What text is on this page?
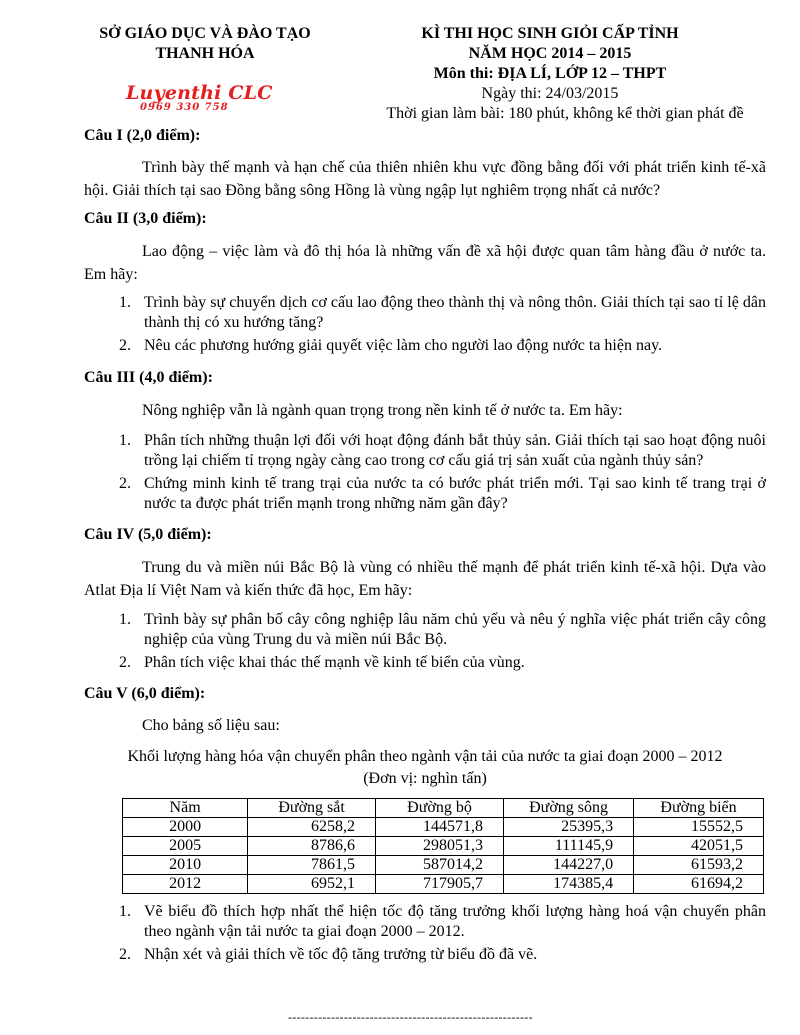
SỞ GIÁO DỤC VÀ ĐÀO TẠO
THANH HÓA
KÌ THI HỌC SINH GIỎI CẤP TỈNH
NĂM HỌC 2014 – 2015
Môn thi: ĐỊA LÍ, LỚP 12 – THPT
Ngày thi: 24/03/2015
Thời gian làm bài: 180 phút, không kể thời gian phát đề
Luyenthi CLC
0969 330 758
Câu I (2,0 điểm):
Trình bày thế mạnh và hạn chế của thiên nhiên khu vực đồng bằng đối với phát triển kinh tế-xã hội. Giải thích tại sao Đồng bằng sông Hồng là vùng ngập lụt nghiêm trọng nhất cả nước?
Câu II (3,0 điểm):
Lao động – việc làm và đô thị hóa là những vấn đề xã hội được quan tâm hàng đầu ở nước ta. Em hãy:
1. Trình bày sự chuyển dịch cơ cấu lao động theo thành thị và nông thôn. Giải thích tại sao tỉ lệ dân thành thị có xu hướng tăng?
2. Nêu các phương hướng giải quyết việc làm cho người lao động nước ta hiện nay.
Câu III (4,0 điểm):
Nông nghiệp vẫn là ngành quan trọng trong nền kinh tế ở nước ta. Em hãy:
1. Phân tích những thuận lợi đối với hoạt động đánh bắt thủy sản. Giải thích tại sao hoạt động nuôi trồng lại chiếm tỉ trọng ngày càng cao trong cơ cấu giá trị sản xuất của ngành thủy sản?
2. Chứng minh kinh tế trang trại của nước ta có bước phát triển mới. Tại sao kinh tế trang trại ở nước ta được phát triển mạnh trong những năm gần đây?
Câu IV (5,0 điểm):
Trung du và miền núi Bắc Bộ là vùng có nhiều thế mạnh để phát triển kinh tế-xã hội. Dựa vào Atlat Địa lí Việt Nam và kiến thức đã học, Em hãy:
1. Trình bày sự phân bố cây công nghiệp lâu năm chủ yếu và nêu ý nghĩa việc phát triển cây công nghiệp của vùng Trung du và miền núi Bắc Bộ.
2. Phân tích việc khai thác thế mạnh về kinh tế biển của vùng.
Câu V (6,0 điểm):
Cho bảng số liệu sau:
Khối lượng hàng hóa vận chuyển phân theo ngành vận tải của nước ta giai đoạn 2000 – 2012
(Đơn vị: nghìn tấn)
Năm	Đường sắt	Đường bộ	Đường sông	Đường biển
2000	6258,2	144571,8	25395,3	15552,5
2005	8786,6	298051,3	111145,9	42051,5
2010	7861,5	587014,2	144227,0	61593,2
2012	6952,1	717905,7	174385,4	61694,2
1. Vẽ biểu đồ thích hợp nhất thể hiện tốc độ tăng trưởng khối lượng hàng hoá vận chuyển phân theo ngành vận tải nước ta giai đoạn 2000 – 2012.
2. Nhận xét và giải thích về tốc độ tăng trưởng từ biểu đồ đã vẽ.
---------------------------------------------------------
